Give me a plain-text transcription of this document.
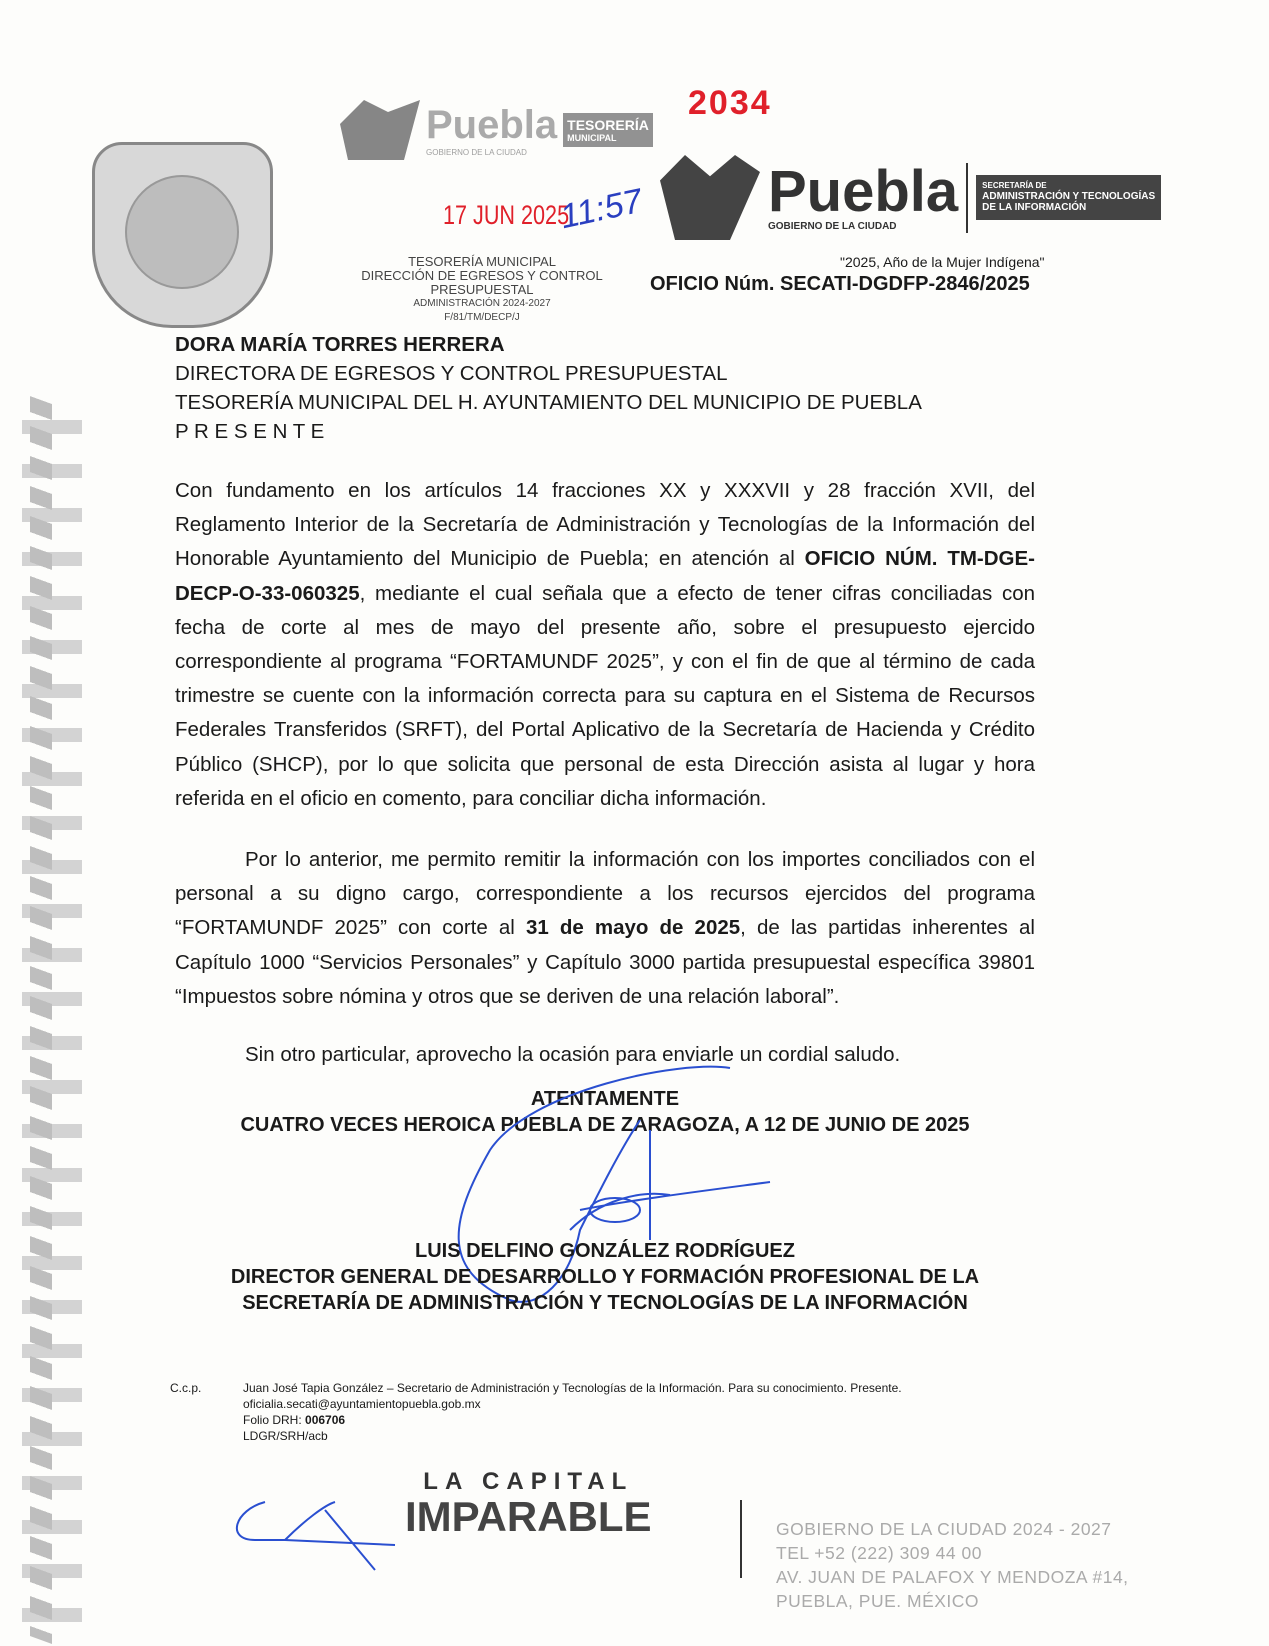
Puebla
GOBIERNO DE LA CIUDAD
TESORERÍA
MUNICIPAL
2034
17 JUN 2025
11:57 Puebla
GOBIERNO DE LA CIUDAD
SECRETARÍA DE
ADMINISTRACIÓN Y TECNOLOGÍAS
DE LA INFORMACIÓN
TESORERÍA MUNICIPAL
DIRECCIÓN DE EGRESOS Y CONTROL
PRESUPUESTAL
ADMINISTRACIÓN 2024-2027
F/81/TM/DECP/J
"2025, Año de la Mujer Indígena"
OFICIO Núm. SECATI-DGDFP-2846/2025
DORA MARÍA TORRES HERRERA
DIRECTORA DE EGRESOS Y CONTROL PRESUPUESTAL
TESORERÍA MUNICIPAL DEL H. AYUNTAMIENTO DEL MUNICIPIO DE PUEBLA
P R E S E N T E

Con fundamento en los artículos 14 fracciones XX y XXXVII y 28 fracción XVII, del Reglamento Interior de la Secretaría de Administración y Tecnologías de la Información del Honorable Ayuntamiento del Municipio de Puebla; en atención al OFICIO NÚM. TM-DGE-DECP-O-33-060325, mediante el cual señala que a efecto de tener cifras conciliadas con fecha de corte al mes de mayo del presente año, sobre el presupuesto ejercido correspondiente al programa “FORTAMUNDF 2025”, y con el fin de que al término de cada trimestre se cuente con la información correcta para su captura en el Sistema de Recursos Federales Transferidos (SRFT), del Portal Aplicativo de la Secretaría de Hacienda y Crédito Público (SHCP), por lo que solicita que personal de esta Dirección asista al lugar y hora referida en el oficio en comento, para conciliar dicha información.

Por lo anterior, me permito remitir la información con los importes conciliados con el personal a su digno cargo, correspondiente a los recursos ejercidos del programa “FORTAMUNDF 2025” con corte al 31 de mayo de 2025, de las partidas inherentes al Capítulo 1000 “Servicios Personales” y Capítulo 3000 partida presupuestal específica 39801 “Impuestos sobre nómina y otros que se deriven de una relación laboral”.

Sin otro particular, aprovecho la ocasión para enviarle un cordial saludo.

ATENTAMENTE
CUATRO VECES HEROICA PUEBLA DE ZARAGOZA, A 12 DE JUNIO DE 2025
LUIS DELFINO GONZÁLEZ RODRÍGUEZ
DIRECTOR GENERAL DE DESARROLLO Y FORMACIÓN PROFESIONAL DE LA
SECRETARÍA DE ADMINISTRACIÓN Y TECNOLOGÍAS DE LA INFORMACIÓN
C.c.p.	Juan José Tapia González – Secretario de Administración y Tecnologías de la Información. Para su conocimiento. Presente.
oficialia.secati@ayuntamientopuebla.gob.mx
Folio DRH: 006706
LDGR/SRH/acb
LA CAPITAL
IMPARABLE	GOBIERNO DE LA CIUDAD 2024 - 2027
TEL +52 (222) 309 44 00
AV. JUAN DE PALAFOX Y MENDOZA #14,
PUEBLA, PUE. MÉXICO
